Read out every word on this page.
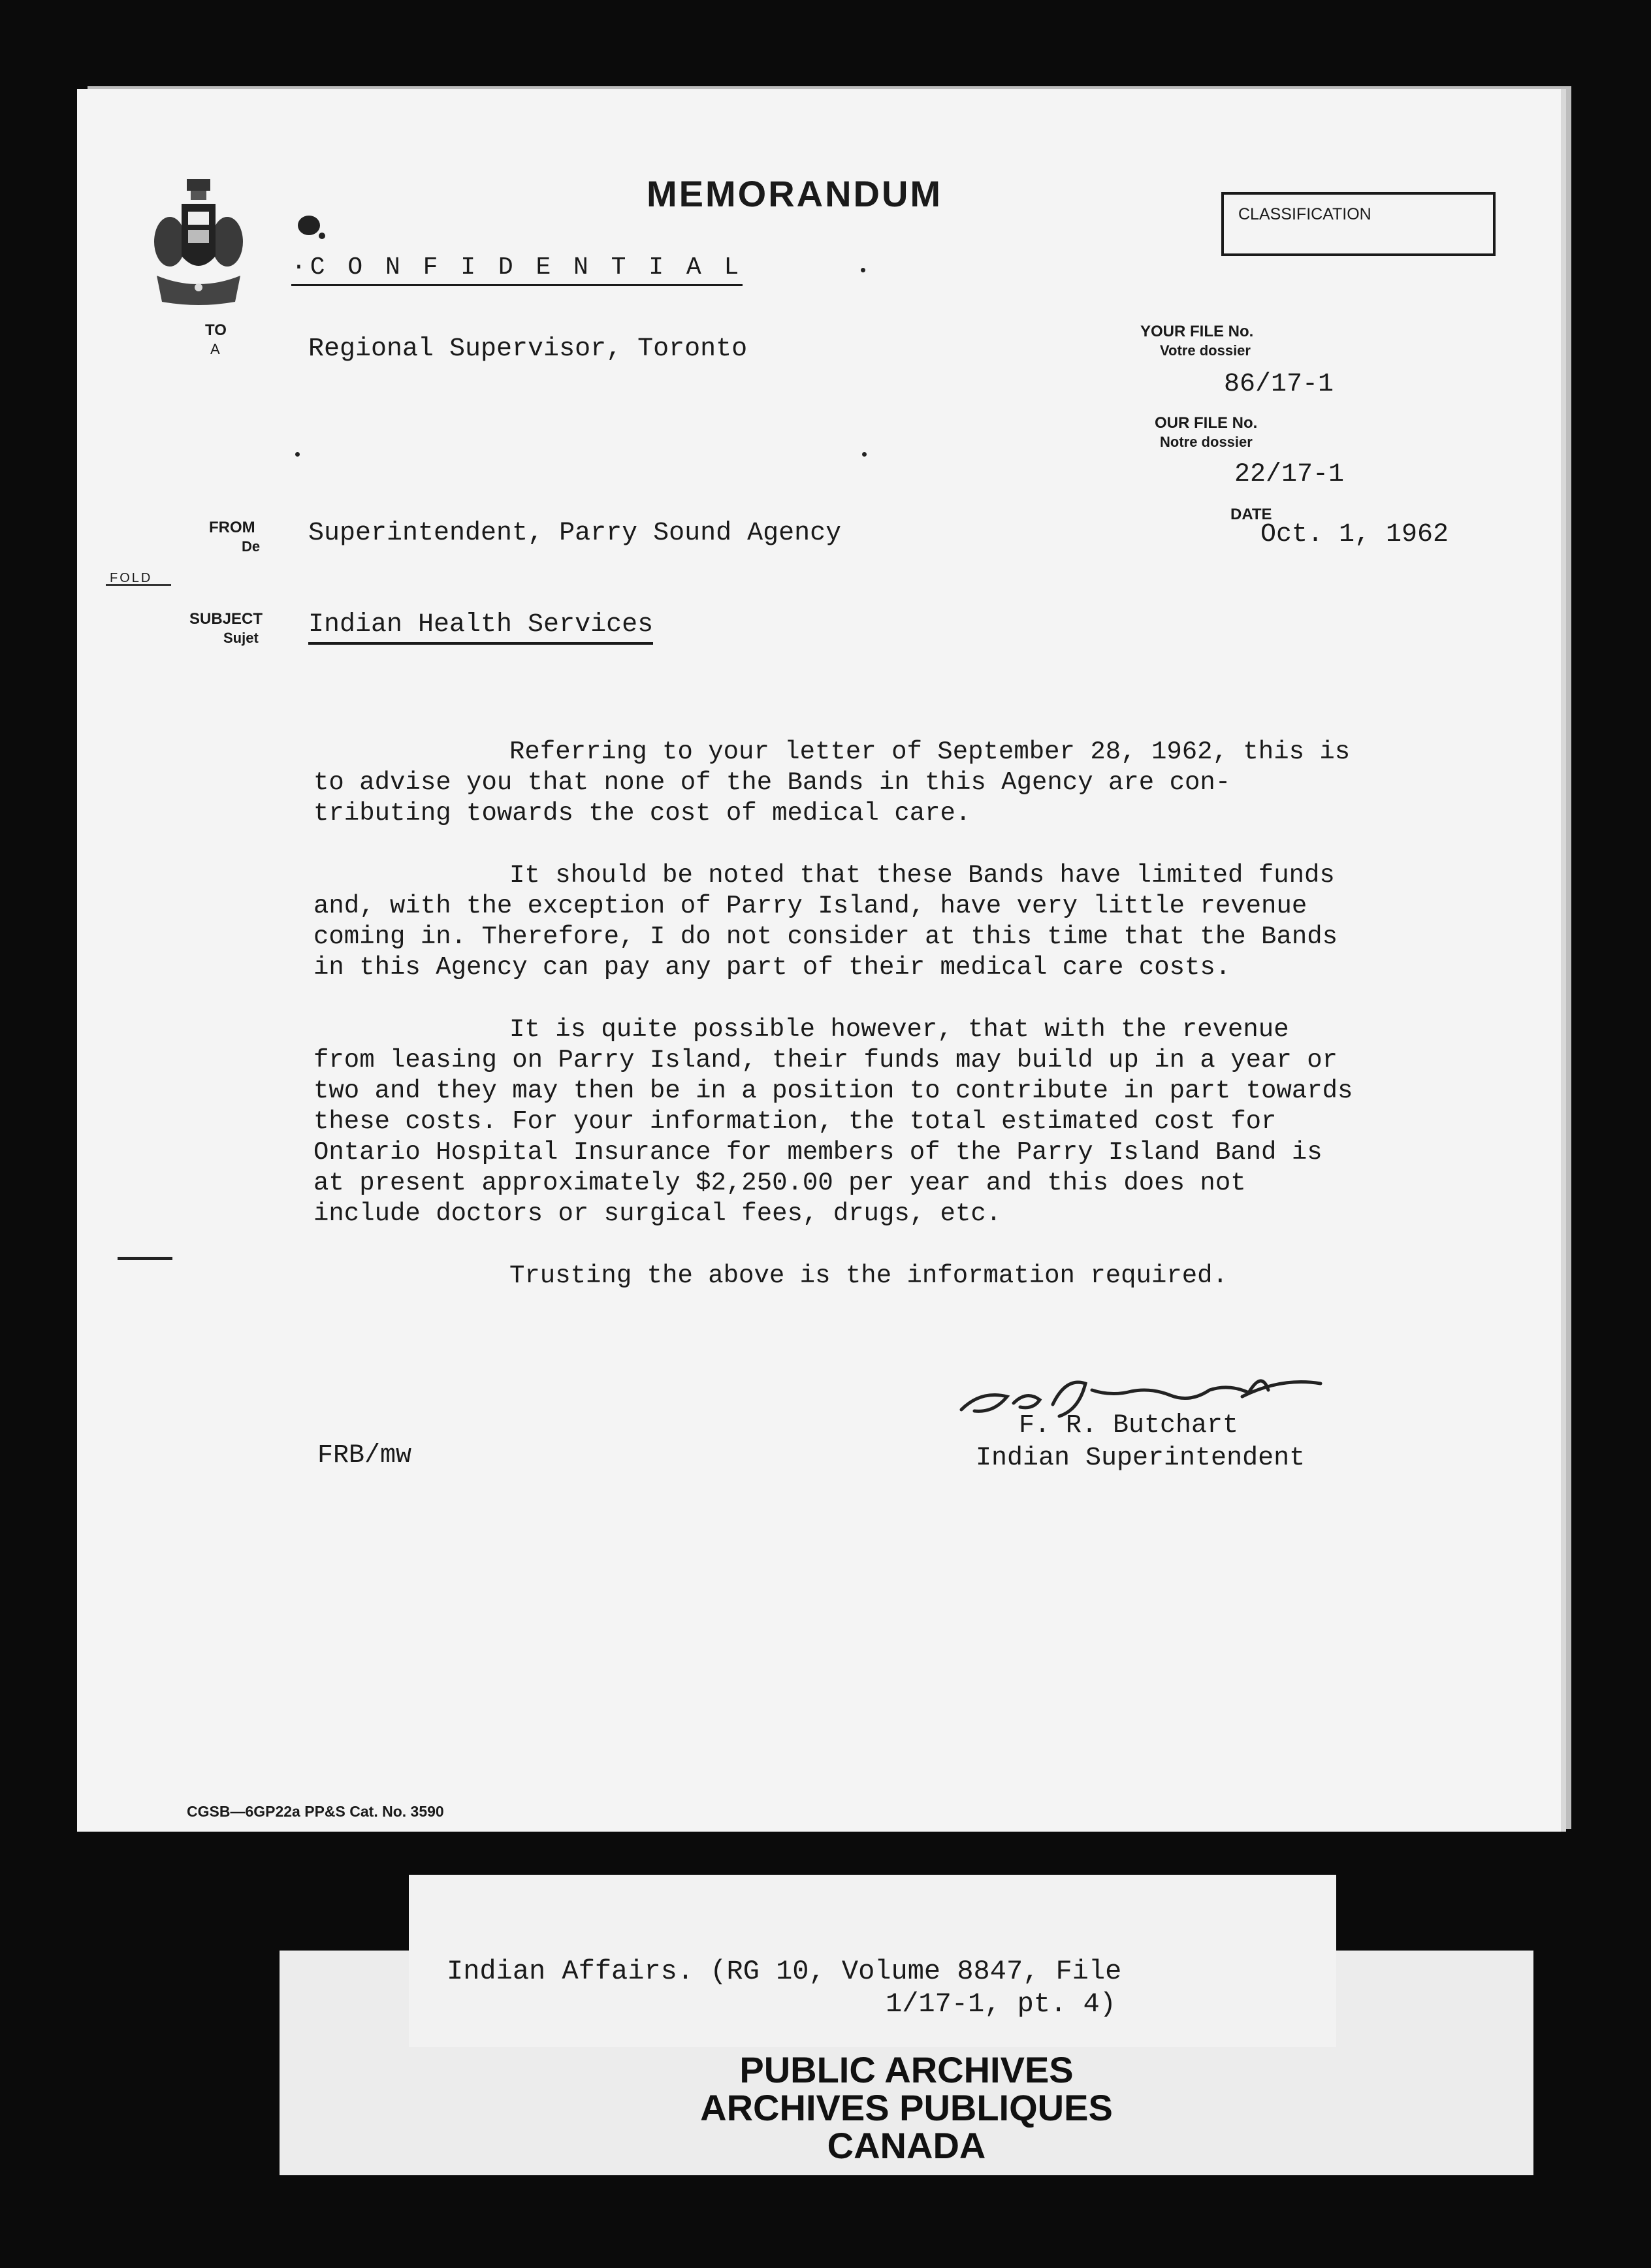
MEMORANDUM	CLASSIFICATION
·C O N F I D E N T I A L
TO
A	Regional Supervisor, Toronto
FROM
De Superintendent, Parry Sound Agency
FOLD
SUBJECT
Sujet Indian Health Services
YOUR FILE No.
Votre dossier
86/17-1
OUR FILE No.
Notre dossier
22/17-1
DATE
Oct. 1, 1962

Referring to your letter of September 28, 1962, this is to advise you that none of the Bands in this Agency are con-tributing towards the cost of medical care.

It should be noted that these Bands have limited funds and, with the exception of Parry Island, have very little revenue coming in. Therefore, I do not consider at this time that the Bands in this Agency can pay any part of their medical care costs.

It is quite possible however, that with the revenue from leasing on Parry Island, their funds may build up in a year or two and they may then be in a position to contribute in part towards these costs. For your information, the total estimated cost for Ontario Hospital Insurance for members of the Parry Island Band is at present approximately $2,250.00 per year and this does not include doctors or surgical fees, drugs, etc.

Trusting the above is the information required.

F. R. Butchart
Indian Superintendent
FRB/mw
CGSB—6GP22a PP&S Cat. No. 3590
Indian Affairs. (RG 10, Volume 8847, File
1/17-1, pt. 4)
PUBLIC ARCHIVES
ARCHIVES PUBLIQUES
CANADA
